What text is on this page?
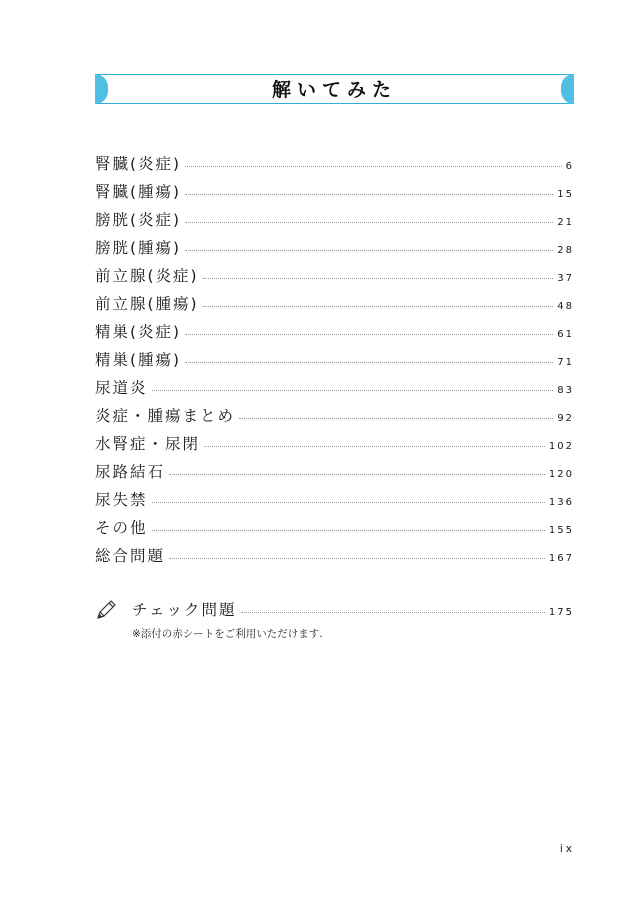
解いてみた
腎臓(炎症)	6
腎臓(腫瘍)	15
膀胱(炎症)	21
膀胱(腫瘍)	28
前立腺(炎症)	37
前立腺(腫瘍)	48
精巣(炎症)	61
精巣(腫瘍)	71
尿道炎	83
炎症・腫瘍まとめ	92
水腎症・尿閉	102
尿路結石	120
尿失禁	136
その他	155
総合問題	167
チェック問題	175
※添付の赤シートをご利用いただけます.
ix
